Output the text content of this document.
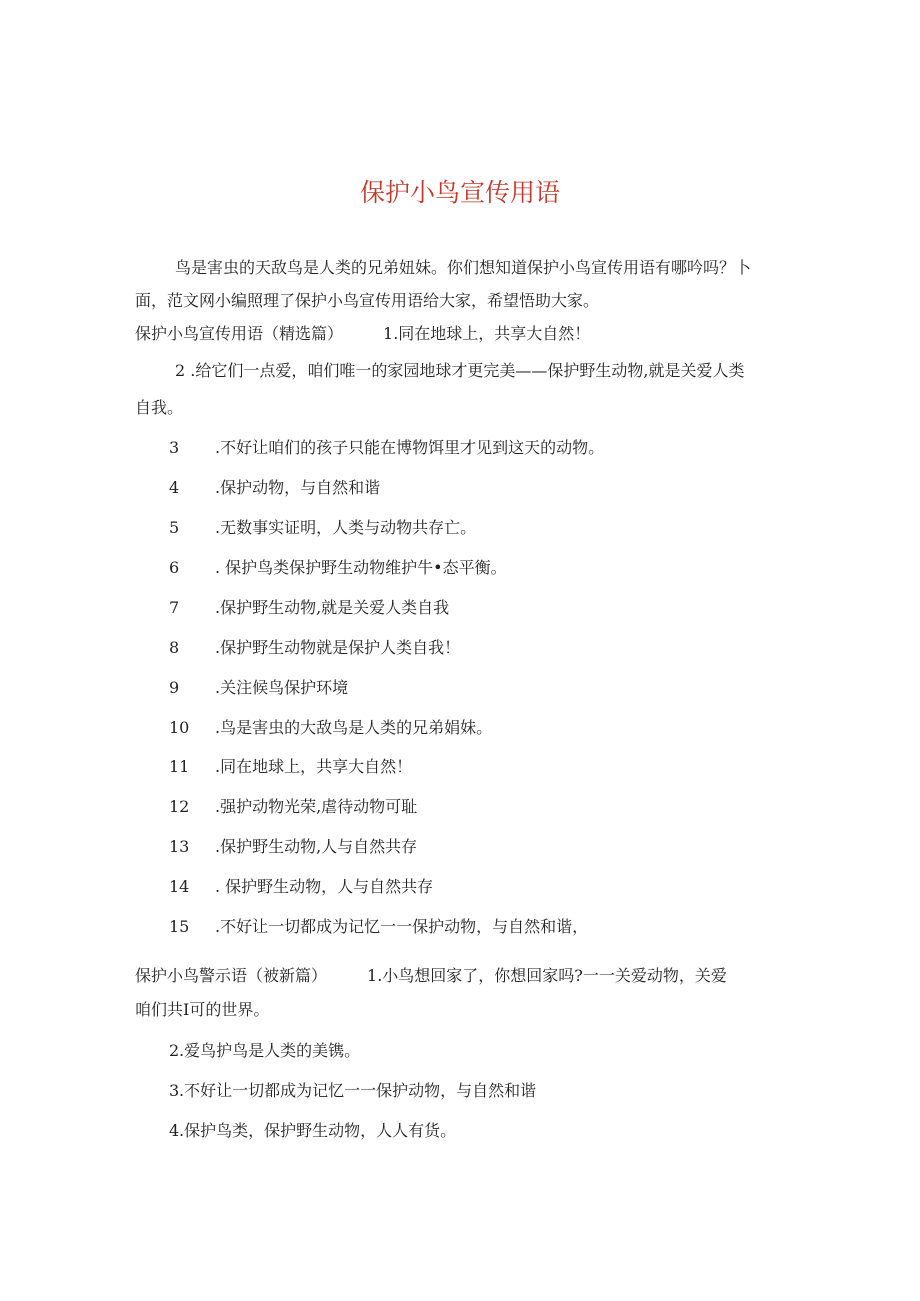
保护小鸟宣传用语
鸟是害虫的天敌鸟是人类的兄弟妞妹。你们想知道保护小鸟宣传用语有哪吟吗？卜
面，范文网小编照理了保护小鸟宣传用语给大家，希望悟助大家。
保护小鸟宣传用语（精选篇）	1.同在地球上，共享大自然！
2 .给它们一点爱，咱们唯一的家园地球才更完美——保护野生动物,就是关爱人类
自我。
3 .不好让咱们的孩子只能在博物饵里才见到这天的动物。
4 .保护动物，与自然和谐
5 .无数事实证明，人类与动物共存亡。
6 . 保护鸟类保护野生动物维护牛•态平衡。
7 .保护野生动物,就是关爱人类自我
8 .保护野生动物就是保护人类自我！
9 .关注候鸟保护环境
10 .鸟是害虫的大敌鸟是人类的兄弟娟妹。
11 .同在地球上，共享大自然！
12 .强护动物光荣,虐待动物可耻
13 .保护野生动物,人与自然共存
14 . 保护野生动物，人与自然共存
15 .不好让一切都成为记忆一一保护动物，与自然和谐，
保护小鸟警示语（被新篇）	1.小鸟想回家了，你想回家吗?一一关爱动物，关爱
咱们共I可的世界。
2.爱鸟护鸟是人类的美镌。
3.不好让一切都成为记忆一一保护动物，与自然和谐
4.保护鸟类，保护野生动物，人人有货。
